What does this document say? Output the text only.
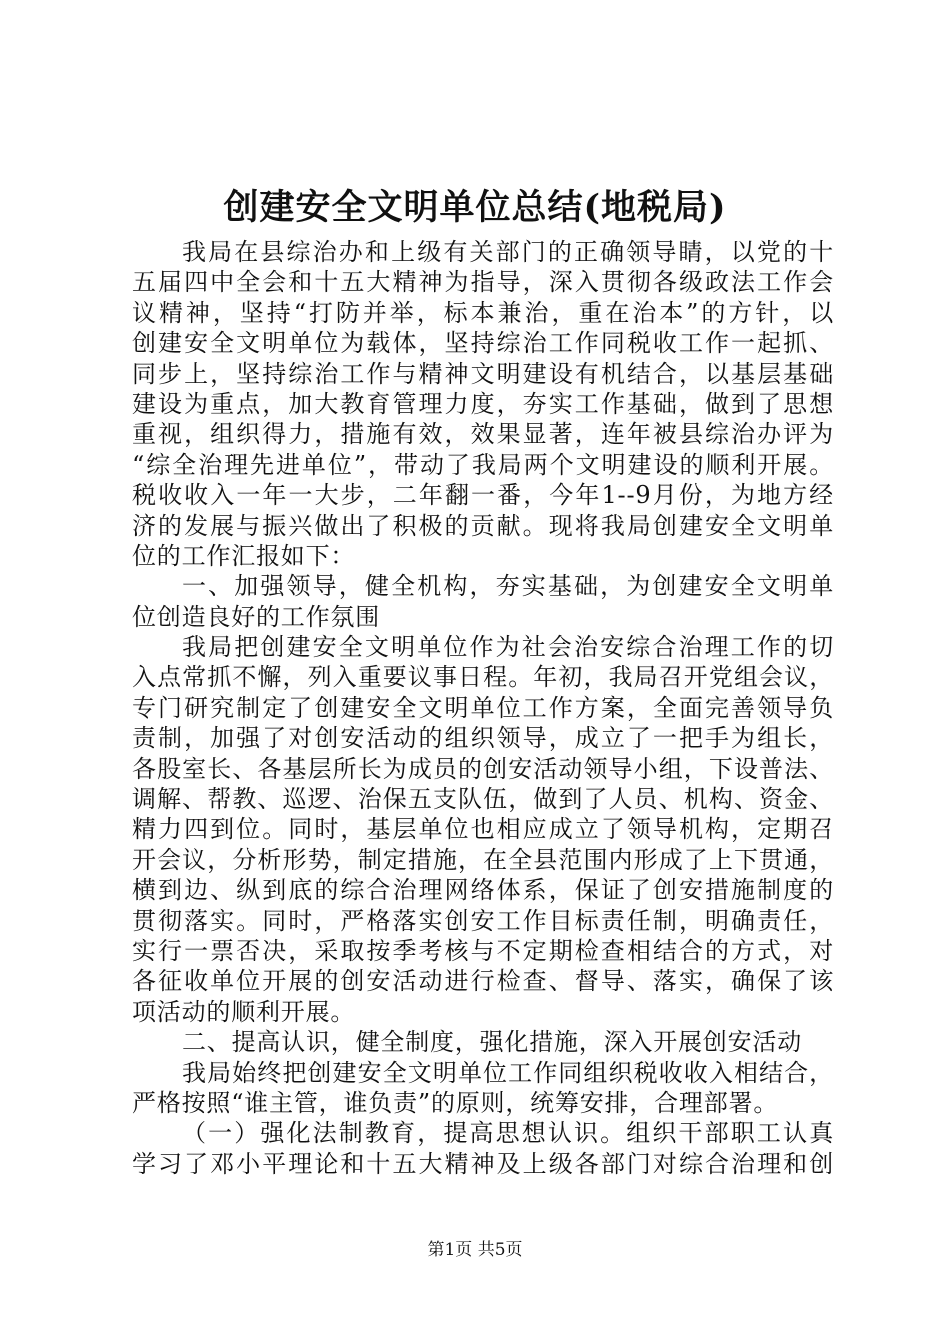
创建安全文明单位总结(地税局)
我局在县综治办和上级有关部门的正确领导睛，以党的十
五届四中全会和十五大精神为指导，深入贯彻各级政法工作会
议精神，坚持“打防并举，标本兼治，重在治本”的方针，以
创建安全文明单位为载体，坚持综治工作同税收工作一起抓、
同步上，坚持综治工作与精神文明建设有机结合，以基层基础
建设为重点，加大教育管理力度，夯实工作基础，做到了思想
重视，组织得力，措施有效，效果显著，连年被县综治办评为
“综全治理先进单位”，带动了我局两个文明建设的顺利开展。
税收收入一年一大步，二年翻一番，今年1--9月份，为地方经
济的发展与振兴做出了积极的贡献。现将我局创建安全文明单
位的工作汇报如下：
一、加强领导，健全机构，夯实基础，为创建安全文明单
位创造良好的工作氛围
我局把创建安全文明单位作为社会治安综合治理工作的切
入点常抓不懈，列入重要议事日程。年初，我局召开党组会议，
专门研究制定了创建安全文明单位工作方案，全面完善领导负
责制，加强了对创安活动的组织领导，成立了一把手为组长，
各股室长、各基层所长为成员的创安活动领导小组，下设普法、
调解、帮教、巡逻、治保五支队伍，做到了人员、机构、资金、
精力四到位。同时，基层单位也相应成立了领导机构，定期召
开会议，分析形势，制定措施，在全县范围内形成了上下贯通，
横到边、纵到底的综合治理网络体系，保证了创安措施制度的
贯彻落实。同时，严格落实创安工作目标责任制，明确责任，
实行一票否决，采取按季考核与不定期检查相结合的方式，对
各征收单位开展的创安活动进行检查、督导、落实，确保了该
项活动的顺利开展。
二、提高认识，健全制度，强化措施，深入开展创安活动
我局始终把创建安全文明单位工作同组织税收收入相结合，
严格按照“谁主管，谁负责”的原则，统筹安排，合理部署。
（一）强化法制教育，提高思想认识。组织干部职工认真
学习了邓小平理论和十五大精神及上级各部门对综合治理和创
第1页 共5页
